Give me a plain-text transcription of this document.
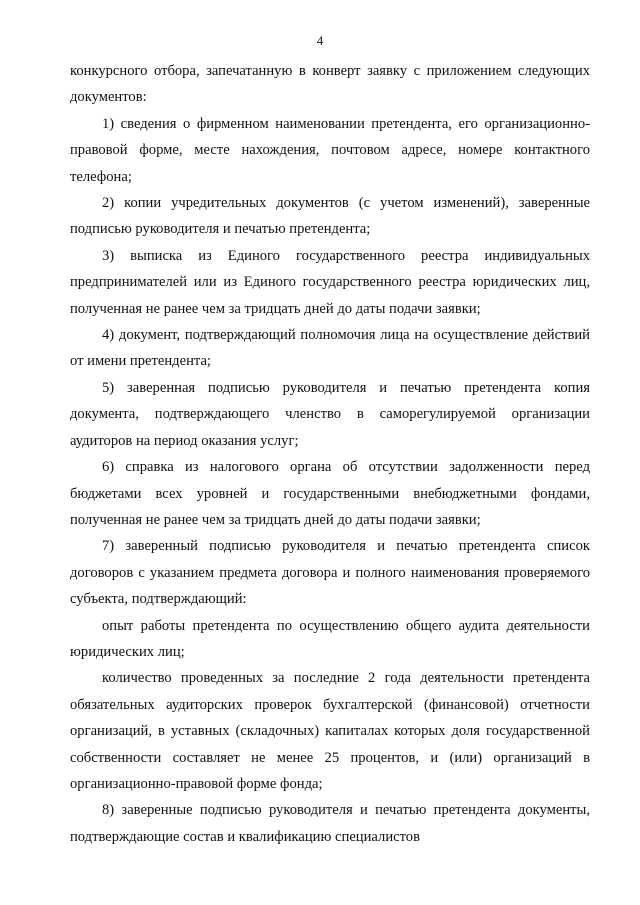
4

конкурсного отбора, запечатанную в конверт заявку с приложением следующих документов:

1) сведения о фирменном наименовании претендента, его организационно-правовой форме, месте нахождения, почтовом адресе, номере контактного телефона;

2) копии учредительных документов (с учетом изменений), заверенные подписью руководителя и печатью претендента;

3) выписка из Единого государственного реестра индивидуальных предпринимателей или из Единого государственного реестра юридических лиц, полученная не ранее чем за тридцать дней до даты подачи заявки;

4) документ, подтверждающий полномочия лица на осуществление действий от имени претендента;

5) заверенная подписью руководителя и печатью претендента копия документа, подтверждающего членство в саморегулируемой организации аудиторов на период оказания услуг;

6) справка из налогового органа об отсутствии задолженности перед бюджетами всех уровней и государственными внебюджетными фондами, полученная не ранее чем за тридцать дней до даты подачи заявки;

7) заверенный подписью руководителя и печатью претендента список договоров с указанием предмета договора и полного наименования проверяемого субъекта, подтверждающий:

опыт работы претендента по осуществлению общего аудита деятельности юридических лиц;

количество проведенных за последние 2 года деятельности претендента обязательных аудиторских проверок бухгалтерской (финансовой) отчетности организаций, в уставных (складочных) капиталах которых доля государственной собственности составляет не менее 25 процентов, и (или) организаций в организационно-правовой форме фонда;

8) заверенные подписью руководителя и печатью претендента документы, подтверждающие состав и квалификацию специалистов
